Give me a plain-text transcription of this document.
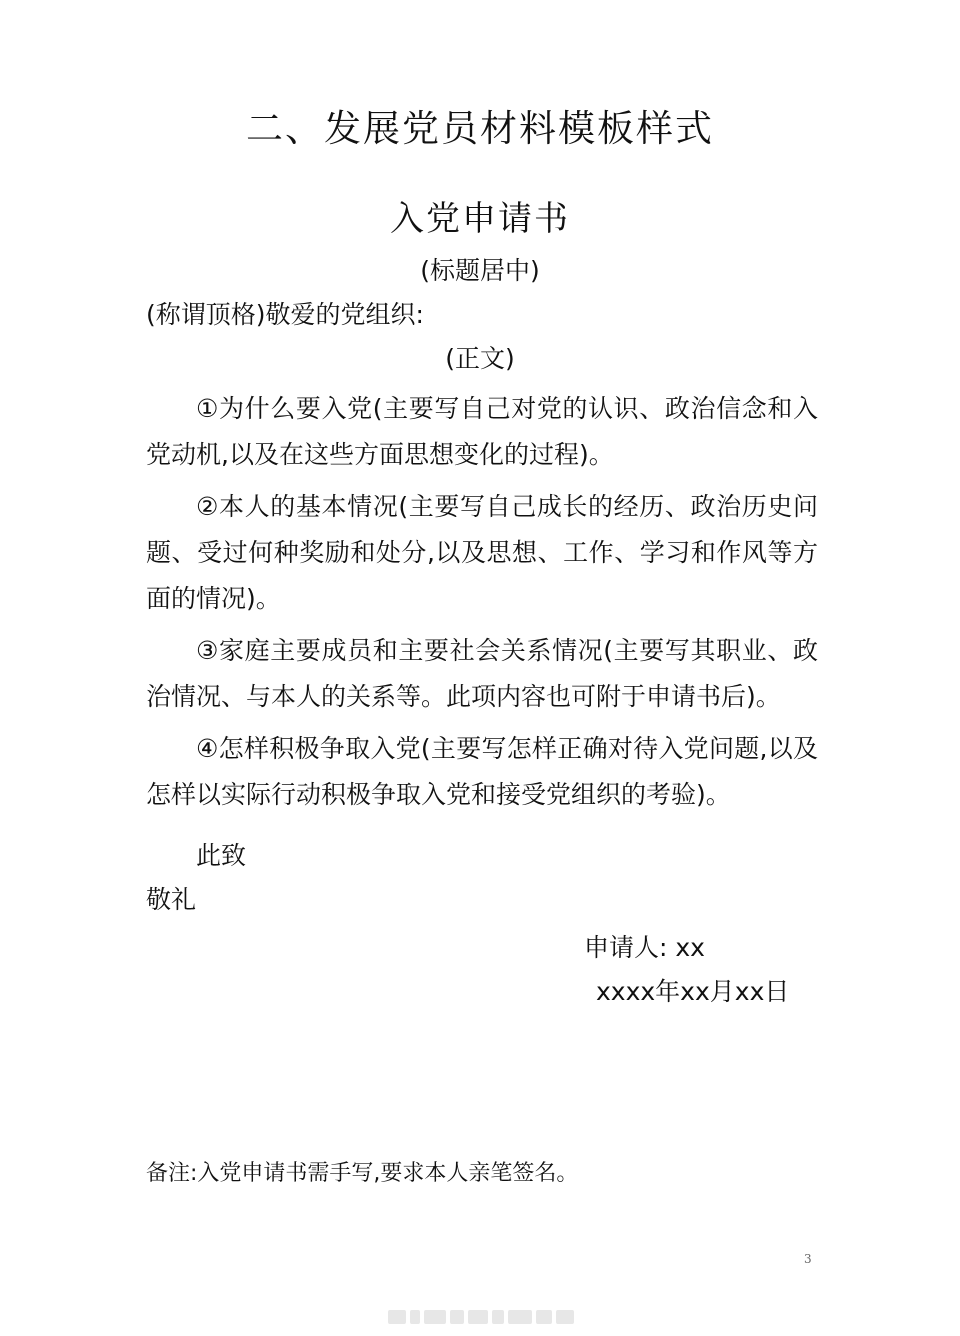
二、发展党员材料模板样式
入党申请书
(标题居中)
(称谓顶格)敬爱的党组织:
(正文)

①为什么要入党(主要写自己对党的认识、政治信念和入党动机,以及在这些方面思想变化的过程)。

②本人的基本情况(主要写自己成长的经历、政治历史问题、受过何种奖励和处分,以及思想、工作、学习和作风等方面的情况)。

③家庭主要成员和主要社会关系情况(主要写其职业、政治情况、与本人的关系等。此项内容也可附于申请书后)。

④怎样积极争取入党(主要写怎样正确对待入党问题,以及怎样以实际行动积极争取入党和接受党组织的考验)。

此致
敬礼
申请人: xx
xxxx年xx月xx日
备注:入党申请书需手写,要求本人亲笔签名。
3
